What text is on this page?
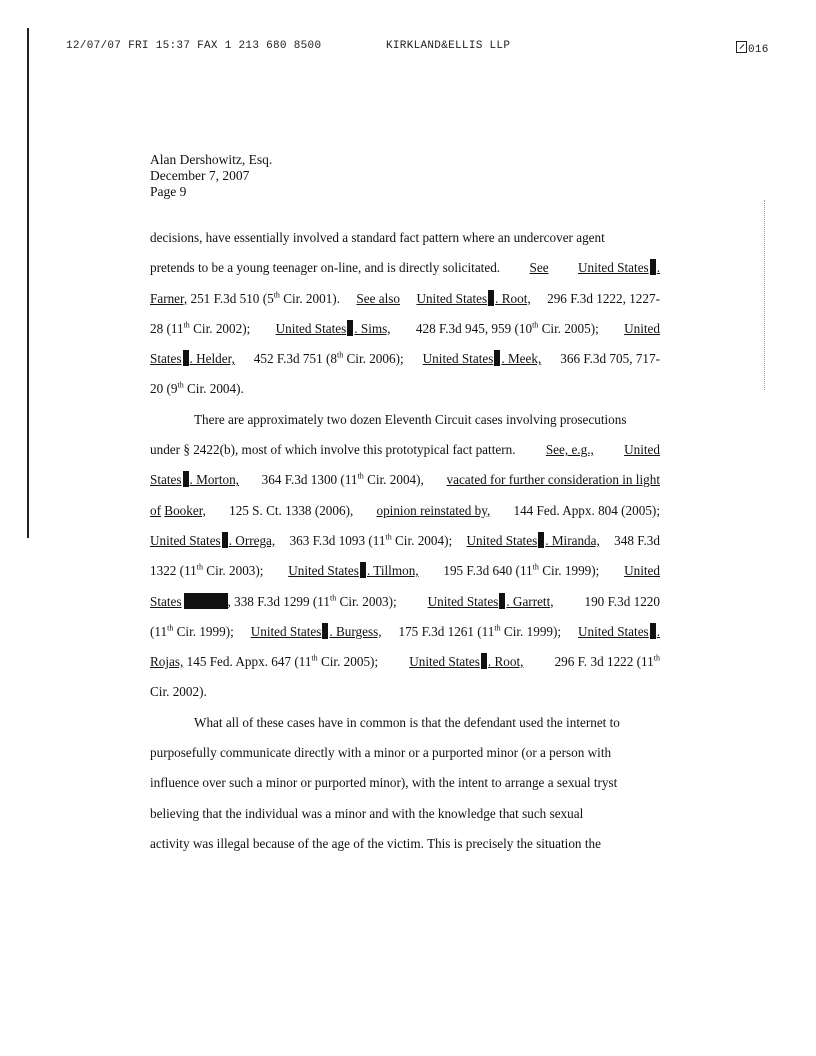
12/07/07 FRI 15:37 FAX 1 213 680 8500	KIRKLAND&ELLIS LLP	016
Alan Dershowitz, Esq.
December 7, 2007
Page 9
decisions, have essentially involved a standard fact pattern where an undercover agent
pretends to be a young teenager on-line, and is directly solicitated. See United States .
Farner, 251 F.3d 510 (5th Cir. 2001). See also United States . Root, 296 F.3d 1222, 1227-
28 (11th Cir. 2002); United States . Sims, 428 F.3d 945, 959 (10th Cir. 2005); United
States . Helder, 452 F.3d 751 (8th Cir. 2006); United States . Meek, 366 F.3d 705, 717-
20 (9th Cir. 2004).
There are approximately two dozen Eleventh Circuit cases involving prosecutions
under § 2422(b), most of which involve this prototypical fact pattern. See, e.g., United
States . Morton, 364 F.3d 1300 (11th Cir. 2004), vacated for further consideration in light
of Booker, 125 S. Ct. 1338 (2006), opinion reinstated by, 144 Fed. Appx. 804 (2005);
United States . Orrega, 363 F.3d 1093 (11th Cir. 2004); United States . Miranda, 348 F.3d
1322 (11th Cir. 2003); United States . Tillmon, 195 F.3d 640 (11th Cir. 1999); United
States	, 338 F.3d 1299 (11th Cir. 2003); United States . Garrett, 190 F.3d 1220
(11th Cir. 1999); United States . Burgess, 175 F.3d 1261 (11th Cir. 1999); United States .
Rojas, 145 Fed. Appx. 647 (11th Cir. 2005); United States . Root, 296 F. 3d 1222 (11th
Cir. 2002).
What all of these cases have in common is that the defendant used the internet to
purposefully communicate directly with a minor or a purported minor (or a person with
influence over such a minor or purported minor), with the intent to arrange a sexual tryst
believing that the individual was a minor and with the knowledge that such sexual
activity was illegal because of the age of the victim. This is precisely the situation the
